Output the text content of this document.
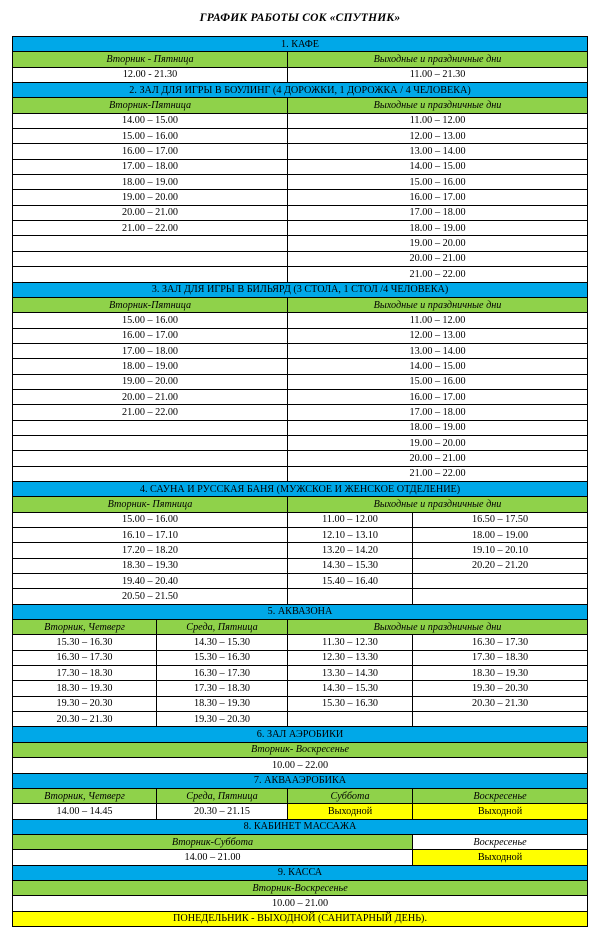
ГРАФИК РАБОТЫ СОК «СПУТНИК»
1. КАФЕ			
Вторник - Пятница		Выходные и праздничные дни	
12.00 - 21.30		11.00 – 21.30	
2. ЗАЛ ДЛЯ ИГРЫ В БОУЛИНГ (4 ДОРОЖКИ, 1 ДОРОЖКА / 4 ЧЕЛОВЕКА)			
Вторник-Пятница		Выходные и праздничные дни	
14.00 – 15.00		11.00 – 12.00	
15.00 – 16.00		12.00 – 13.00	
16.00 – 17.00		13.00 – 14.00	
17.00 – 18.00		14.00 – 15.00	
18.00 – 19.00		15.00 – 16.00	
19.00 – 20.00		16.00 – 17.00	
20.00 – 21.00		17.00 – 18.00	
21.00 – 22.00		18.00 – 19.00	
		19.00 – 20.00	
		20.00 – 21.00	
		21.00 – 22.00	
3. ЗАЛ ДЛЯ ИГРЫ В БИЛЬЯРД (3 СТОЛА, 1 СТОЛ /4 ЧЕЛОВЕКА)			
Вторник-Пятница		Выходные и праздничные дни	
15.00 – 16.00		11.00 – 12.00	
16.00 – 17.00		12.00 – 13.00	
17.00 – 18.00		13.00 – 14.00	
18.00 – 19.00		14.00 – 15.00	
19.00 – 20.00		15.00 – 16.00	
20.00 – 21.00		16.00 – 17.00	
21.00 – 22.00		17.00 – 18.00	
		18.00 – 19.00	
		19.00 – 20.00	
		20.00 – 21.00	
		21.00 – 22.00	
4. САУНА И РУССКАЯ БАНЯ (МУЖСКОЕ И ЖЕНСКОЕ ОТДЕЛЕНИЕ)			
Вторник- Пятница		Выходные и праздничные дни	
15.00 – 16.00		11.00 – 12.00	16.50 – 17.50
16.10 – 17.10		12.10 – 13.10	18.00 – 19.00
17.20 – 18.20		13.20 – 14.20	19.10 – 20.10
18.30 – 19.30		14.30 – 15.30	20.20 – 21.20
19.40 – 20.40		15.40 – 16.40	
20.50 – 21.50			
5. АКВАЗОНА			
Вторник, Четверг	Среда, Пятница	Выходные и праздничные дни	
15.30 – 16.30	14.30 – 15.30	11.30 – 12.30	16.30 – 17.30
16.30 – 17.30	15.30 – 16.30	12.30 – 13.30	17.30 – 18.30
17.30 – 18.30	16.30 – 17.30	13.30 – 14.30	18.30 – 19.30
18.30 – 19.30	17.30 – 18.30	14.30 – 15.30	19.30 – 20.30
19.30 – 20.30	18.30 – 19.30	15.30 – 16.30	20.30 – 21.30
20.30 – 21.30	19.30 – 20.30		
6. ЗАЛ АЭРОБИКИ			
Вторник- Воскресенье			
10.00 – 22.00			
7. АКВААЭРОБИКА			
Вторник, Четверг	Среда, Пятница	Суббота	Воскресенье
14.00 – 14.45	20.30 – 21.15	Выходной	Выходной
8. КАБИНЕТ МАССАЖА			
Вторник-Суббота			Воскресенье
14.00 – 21.00			Выходной
9. КАССА			
Вторник-Воскресенье			
10.00 – 21.00			
ПОНЕДЕЛЬНИК - ВЫХОДНОЙ (САНИТАРНЫЙ ДЕНЬ).			
